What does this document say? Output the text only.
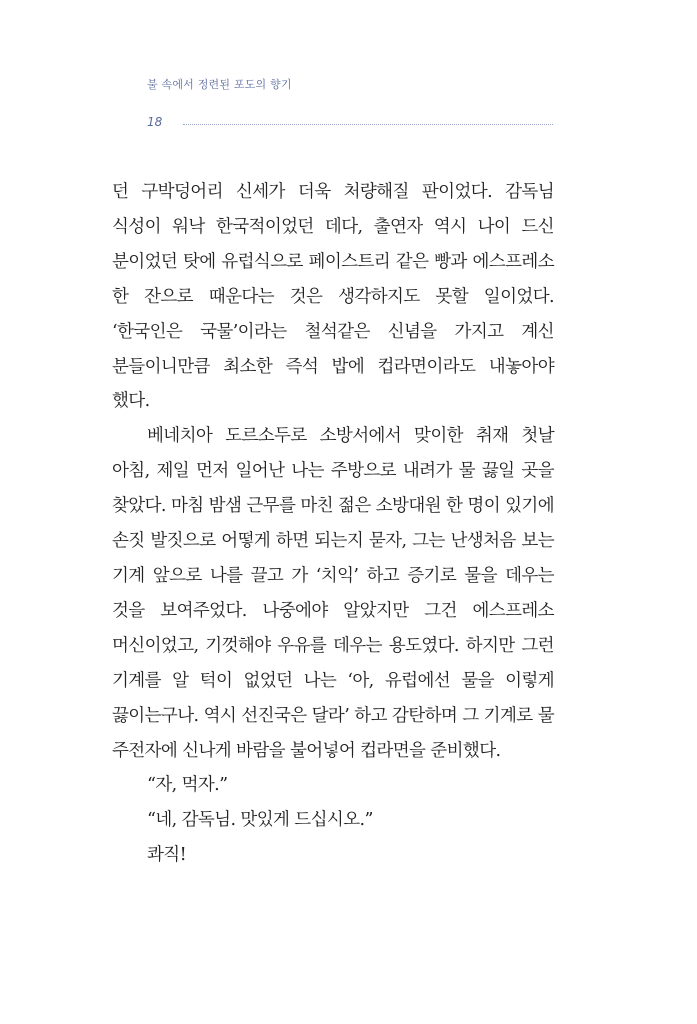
불 속에서 정련된 포도의 향기
18

던 구박덩어리 신세가 더욱 처량해질 판이었다. 감독님 식성이 워낙 한국적이었던 데다, 출연자 역시 나이 드신 분이었던 탓에 유럽식으로 페이스트리 같은 빵과 에스프레소 한 잔으로 때운다는 것은 생각하지도 못할 일이었다. ‘한국인은 국물’이라는 철석같은 신념을 가지고 계신 분들이니만큼 최소한 즉석 밥에 컵라면이라도 내놓아야 했다.

베네치아 도르소두로 소방서에서 맞이한 취재 첫날 아침, 제일 먼저 일어난 나는 주방으로 내려가 물 끓일 곳을 찾았다. 마침 밤샘 근무를 마친 젊은 소방대원 한 명이 있기에 손짓 발짓으로 어떻게 하면 되는지 묻자, 그는 난생처음 보는 기계 앞으로 나를 끌고 가 ‘치익’ 하고 증기로 물을 데우는 것을 보여주었다. 나중에야 알았지만 그건 에스프레소 머신이었고, 기껏해야 우유를 데우는 용도였다. 하지만 그런 기계를 알 턱이 없었던 나는 ‘아, 유럽에선 물을 이렇게 끓이는구나. 역시 선진국은 달라’ 하고 감탄하며 그 기계로 물 주전자에 신나게 바람을 불어넣어 컵라면을 준비했다.

“자, 먹자.”

“네, 감독님. 맛있게 드십시오.”

콰직!
